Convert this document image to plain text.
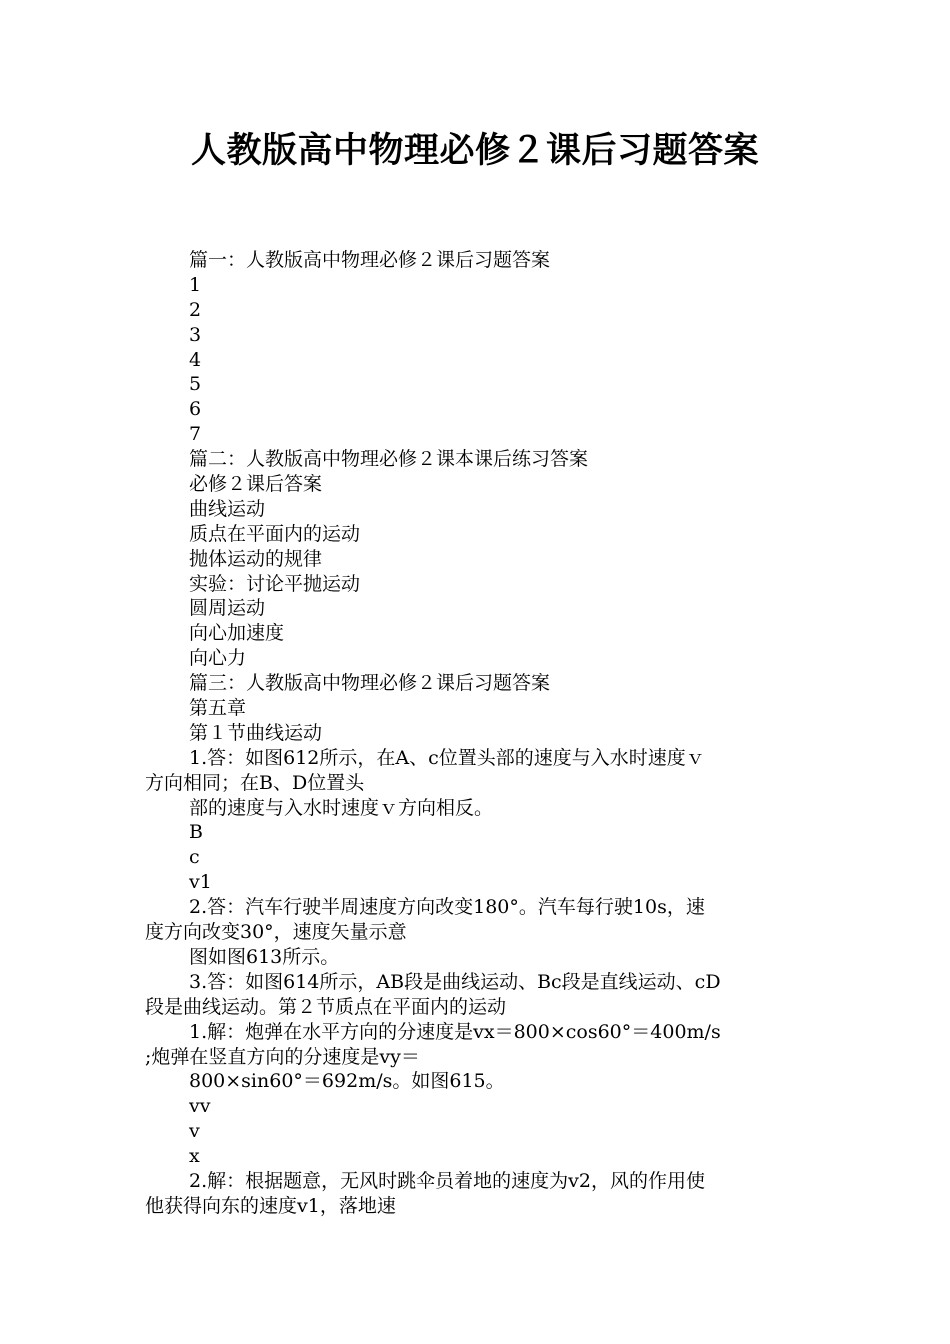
人教版高中物理必修２课后习题答案
篇一：人教版高中物理必修２课后习题答案
1
2
3
4
5
6
7
篇二：人教版高中物理必修２课本课后练习答案
必修２课后答案
曲线运动
质点在平面内的运动
抛体运动的规律
实验：讨论平抛运动
圆周运动
向心加速度
向心力
篇三：人教版高中物理必修２课后习题答案
第五章
第１节曲线运动
1.答：如图612所示，在A、c位置头部的速度与入水时速度ｖ
方向相同；在B、D位置头
部的速度与入水时速度ｖ方向相反。
B
c
v1
2.答：汽车行驶半周速度方向改变180°。汽车每行驶10s，速
度方向改变30°，速度矢量示意
图如图613所示。
3.答：如图614所示，AB段是曲线运动、Bc段是直线运动、cD
段是曲线运动。第２节质点在平面内的运动
1.解：炮弹在水平方向的分速度是vx＝800×cos60°＝400m/s
;炮弹在竖直方向的分速度是vy＝
800×sin60°＝692m/s。如图615。
vv
v
x
2.解：根据题意，无风时跳伞员着地的速度为v2，风的作用使
他获得向东的速度v1，落地速
